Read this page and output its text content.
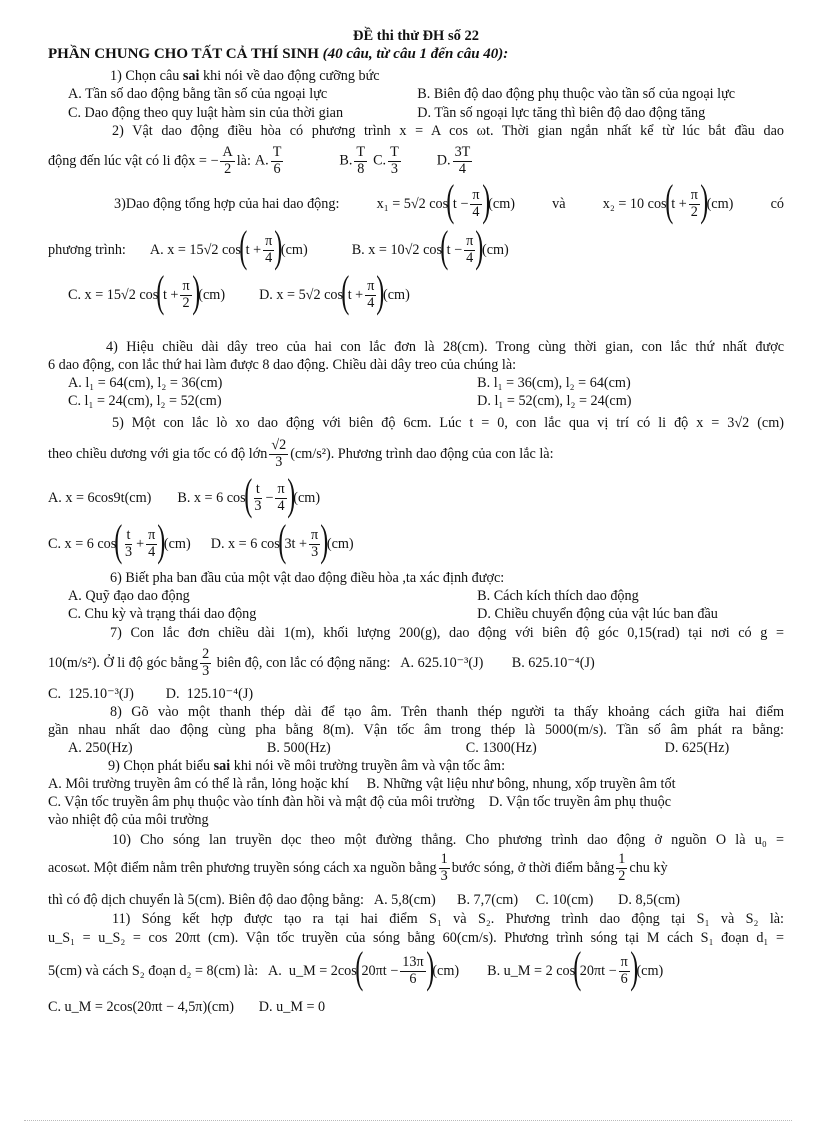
ĐỀ thi thử ĐH số 22
PHẦN CHUNG CHO TẤT CẢ THÍ SINH (40 câu, từ câu 1 đến câu 40):
1) Chọn câu sai khi nói về dao động cưỡng bức
A. Tần số dao động bằng tần số của ngoại lực	B. Biên độ dao động phụ thuộc vào tần số của ngoại lực
C. Dao động theo quy luật hàm sin của thời gian	D. Tần số ngoại lực tăng thì biên độ dao động tăng
2) Vật dao động điều hòa có phương trình x = A cos ωt. Thời gian ngắn nhất kể từ lúc bắt đầu dao
động đến lúc vật có li độ x = − $\frac{A}{2}$ là: A. $\frac{T}{6}$	B. $\frac{T}{8} C$. $\frac{T}{3}$	D. $\frac{3T}{4}$
3)Dao động tổng hợp của hai dao động:	x₁ = 5√2 cos
(
$t - \frac{\pi}{4}$ )
(cm)	và	x₂ = 10 cos
(
$t + \frac{\pi}{2}$ )
(cm)	có
phương trình: A. x = 15√2 cos
(
$t + \frac{\pi}{4}$ )
(cm)	B. x = 10√2 cos
(
$t - \frac{\pi}{4}$ )
(cm)
C. x = 15√2 cos
(
$t + \frac{\pi}{2}$ )
(cm) D. x = 5√2 cos
(
$t + \frac{\pi}{4}$ )
(cm)
4) Hiệu chiều dài dây treo của hai con lắc đơn là 28(cm). Trong cùng thời gian, con lắc thứ nhất được
6 dao động, con lắc thứ hai làm được 8 dao động. Chiều dài dây treo của chúng là:
A. l₁ = 64(cm), l₂ = 36(cm)	B. l₁ = 36(cm), l₂ = 64(cm)
C. l₁ = 24(cm), l₂ = 52(cm)	D. l₁ = 52(cm), l₂ = 24(cm)
5) Một con lắc lò xo dao động với biên độ 6cm. Lúc t = 0, con lắc qua vị trí có li độ x = 3√2 (cm)
theo chiều dương với gia tốc có độ lớn $\frac{√2}{3} (cm/s^2)$. Phương trình dao động của con lắc là:
A. x = 6cos9t(cm) B. x = 6 cos
( $\frac{t}{3} - \frac{\pi}{4}$ )
(cm)
C. x = 6 cos
( $\frac{t}{3} + \frac{\pi}{4}$ )
(cm) D. x = 6 cos
(
$3t + \frac{\pi}{3}$ )
(cm)
6) Biết pha ban đầu của một vật dao động điều hòa ,ta xác định được:
A. Quỹ đạo dao động	B. Cách kích thích dao động
C. Chu kỳ và trạng thái dao động	D. Chiều chuyển động của vật lúc ban đầu
7) Con lắc đơn chiều dài 1(m), khối lượng 200(g), dao động với biên độ góc 0,15(rad) tại nơi có g =
10(m/s²). Ở li độ góc bằng $\frac{2}{3}$ biên độ, con lắc có động năng:   A. 625.10⁻³(J)        B. 625.10⁻⁴(J)
C.  125.10⁻³(J)         D.  125.10⁻⁴(J)
8) Gõ vào một thanh thép dài để tạo âm. Trên thanh thép người ta thấy khoảng cách giữa hai điểm
gần nhau nhất dao động cùng pha bằng 8(m). Vận tốc âm trong thép là 5000(m/s). Tần số âm phát ra bằng:
A. 250(Hz)	B. 500(Hz)	C. 1300(Hz)	D. 625(Hz)
9) Chọn phát biểu sai khi nói về môi trường truyền âm và vận tốc âm:
A. Môi trường truyền âm có thể là rắn, lỏng hoặc khí     B. Những vật liệu như bông, nhung, xốp truyền âm tốt
C. Vận tốc truyền âm phụ thuộc vào tính đàn hồi và mật độ của môi trường    D. Vận tốc truyền âm phụ thuộc
vào nhiệt độ của môi trường
10) Cho sóng lan truyền dọc theo một đường thẳng. Cho phương trình dao động ở nguồn O là u₀ =
acosωt. Một điểm nằm trên phương truyền sóng cách xa nguồn bằng $\frac{1}{3}$ bước sóng, ở thời điểm bằng $\frac{1}{2}$ chu kỳ
thì có độ dịch chuyển là 5(cm). Biên độ dao động bằng:   A. 5,8(cm)      B. 7,7(cm)     C. 10(cm)       D. 8,5(cm)
11) Sóng kết hợp được tạo ra tại hai điểm S₁ và S₂. Phương trình dao động tại S₁ và S₂ là:
u_S₁ = u_S₂ = cos 20πt (cm). Vận tốc truyền của sóng bằng 60(cm/s). Phương trình sóng tại M cách S₁ đoạn d₁ =
5(cm) và cách S₂ đoạn d₂ = 8(cm) là:   A. u_M = 2cos
(
$20\pi t - \frac{13\pi}{6}$ )
(cm) B. u_M = 2 cos
(
$20\pi t - \frac{\pi}{6}$ )
(cm)
C. u_M = 2cos(20πt − 4,5π)(cm)       D. u_M = 0
